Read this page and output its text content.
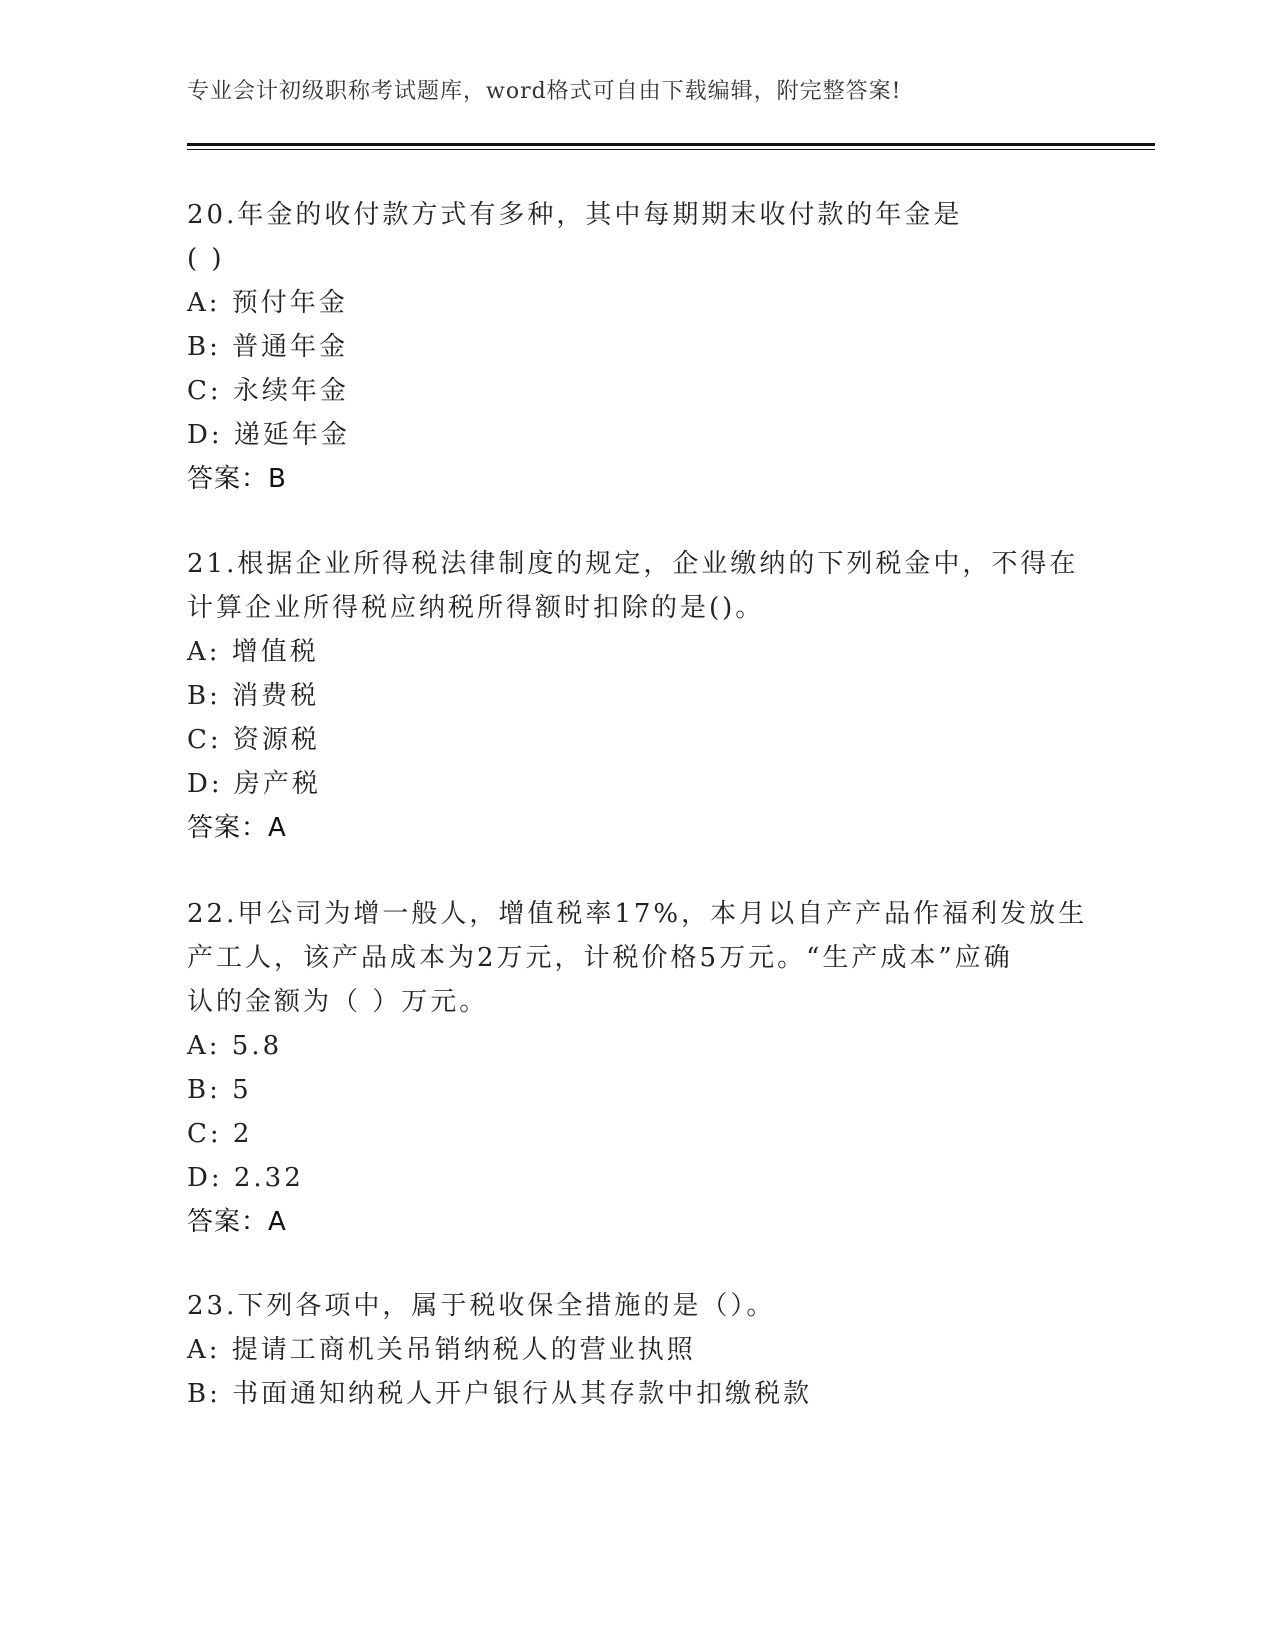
专业会计初级职称考试题库，word格式可自由下载编辑，附完整答案!
20.年金的收付款方式有多种，其中每期期末收付款的年金是
( )
A: 预付年金
B: 普通年金
C: 永续年金
D: 递延年金
答案：B
21.根据企业所得税法律制度的规定，企业缴纳的下列税金中，不得在
计算企业所得税应纳税所得额时扣除的是()。
A: 增值税
B: 消费税
C: 资源税
D: 房产税
答案：A
22.甲公司为增一般人，增值税率17%，本月以自产产品作福利发放生
产工人，该产品成本为2万元，计税价格5万元。“生产成本”应确
认的金额为（ ）万元。
A: 5.8
B: 5
C: 2
D: 2.32
答案：A
23.下列各项中，属于税收保全措施的是（）。
A: 提请工商机关吊销纳税人的营业执照
B: 书面通知纳税人开户银行从其存款中扣缴税款
